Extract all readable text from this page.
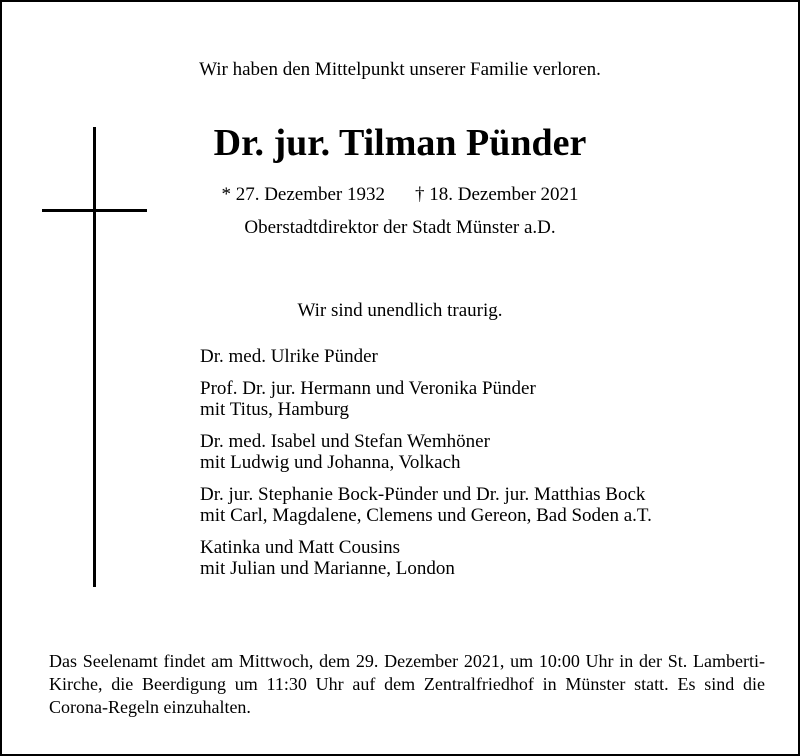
Wir haben den Mittelpunkt unserer Familie verloren.
Dr. jur. Tilman Pünder
* 27. Dezember 1932 † 18. Dezember 2021
Oberstadtdirektor der Stadt Münster a.D.
Wir sind unendlich traurig.
Dr. med. Ulrike Pünder
Prof. Dr. jur. Hermann und Veronika Pünder
mit Titus, Hamburg
Dr. med. Isabel und Stefan Wemhöner
mit Ludwig und Johanna, Volkach
Dr. jur. Stephanie Bock-Pünder und Dr. jur. Matthias Bock
mit Carl, Magdalene, Clemens und Gereon, Bad Soden a.T.
Katinka und Matt Cousins
mit Julian und Marianne, London
Das Seelenamt findet am Mittwoch, dem 29. Dezember 2021, um 10:00 Uhr in der St. Lamberti-Kirche, die Beerdigung um 11:30 Uhr auf dem Zentralfriedhof in Münster statt. Es sind die Corona-Regeln einzuhalten.
